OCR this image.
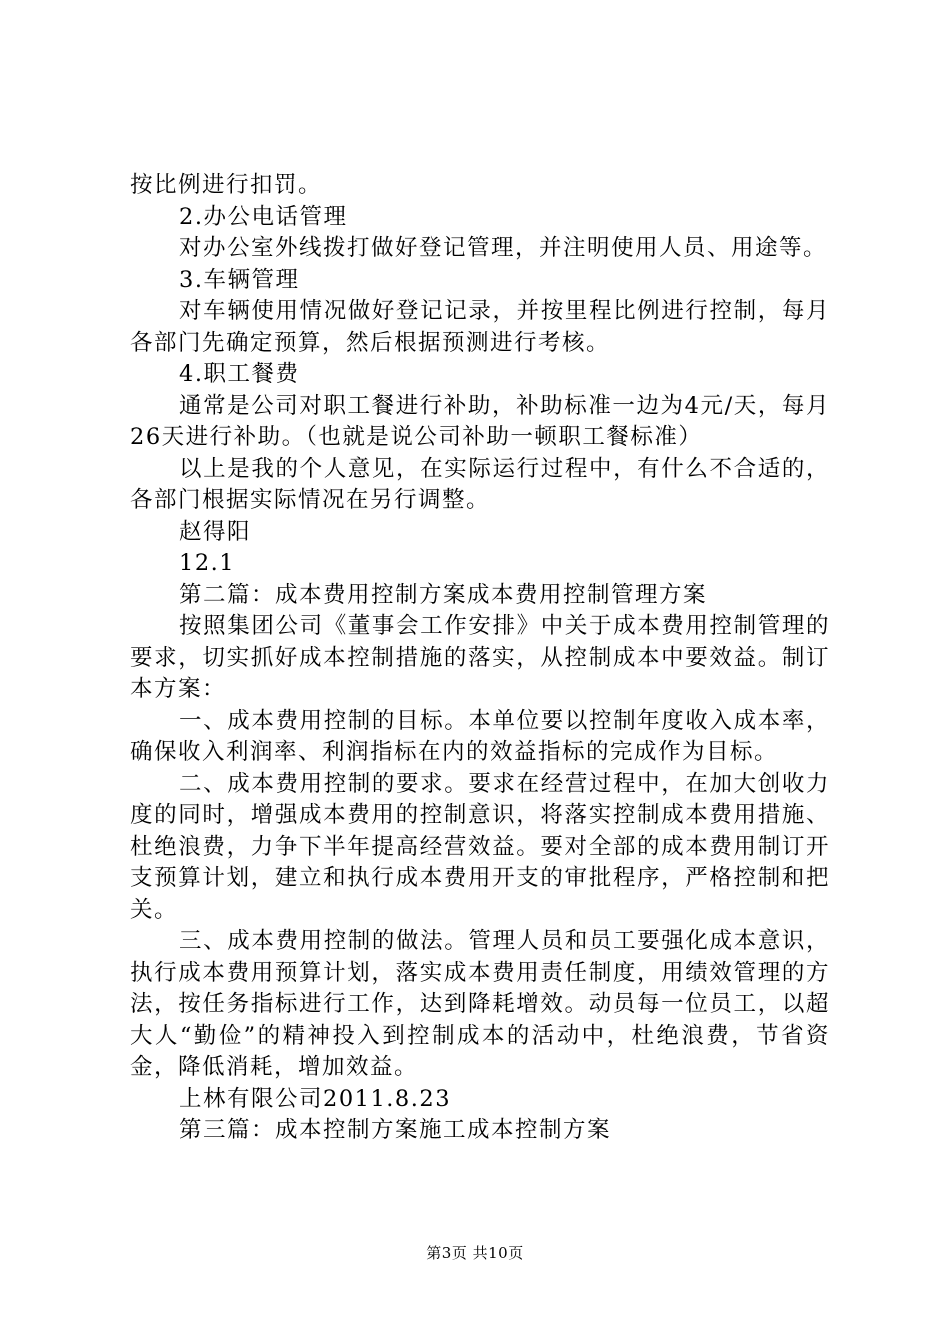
按比例进行扣罚。

2.办公电话管理

对办公室外线拨打做好登记管理，并注明使用人员、用途等。

3.车辆管理

对车辆使用情况做好登记记录，并按里程比例进行控制，每月各部门先确定预算，然后根据预测进行考核。

4.职工餐费

通常是公司对职工餐进行补助，补助标准一边为4元/天，每月26天进行补助。（也就是说公司补助一顿职工餐标准）

以上是我的个人意见，在实际运行过程中，有什么不合适的，各部门根据实际情况在另行调整。

赵得阳

12.1

第二篇：成本费用控制方案成本费用控制管理方案

按照集团公司《董事会工作安排》中关于成本费用控制管理的要求，切实抓好成本控制措施的落实，从控制成本中要效益。制订本方案：

一、成本费用控制的目标。本单位要以控制年度收入成本率，确保收入利润率、利润指标在内的效益指标的完成作为目标。

二、成本费用控制的要求。要求在经营过程中，在加大创收力度的同时，增强成本费用的控制意识，将落实控制成本费用措施、杜绝浪费，力争下半年提高经营效益。要对全部的成本费用制订开支预算计划，建立和执行成本费用开支的审批程序，严格控制和把关。

三、成本费用控制的做法。管理人员和员工要强化成本意识，执行成本费用预算计划，落实成本费用责任制度，用绩效管理的方法，按任务指标进行工作，达到降耗增效。动员每一位员工，以超大人“勤俭”的精神投入到控制成本的活动中，杜绝浪费，节省资金，降低消耗，增加效益。

上林有限公司2011.8.23

第三篇：成本控制方案施工成本控制方案

第3页 共10页
